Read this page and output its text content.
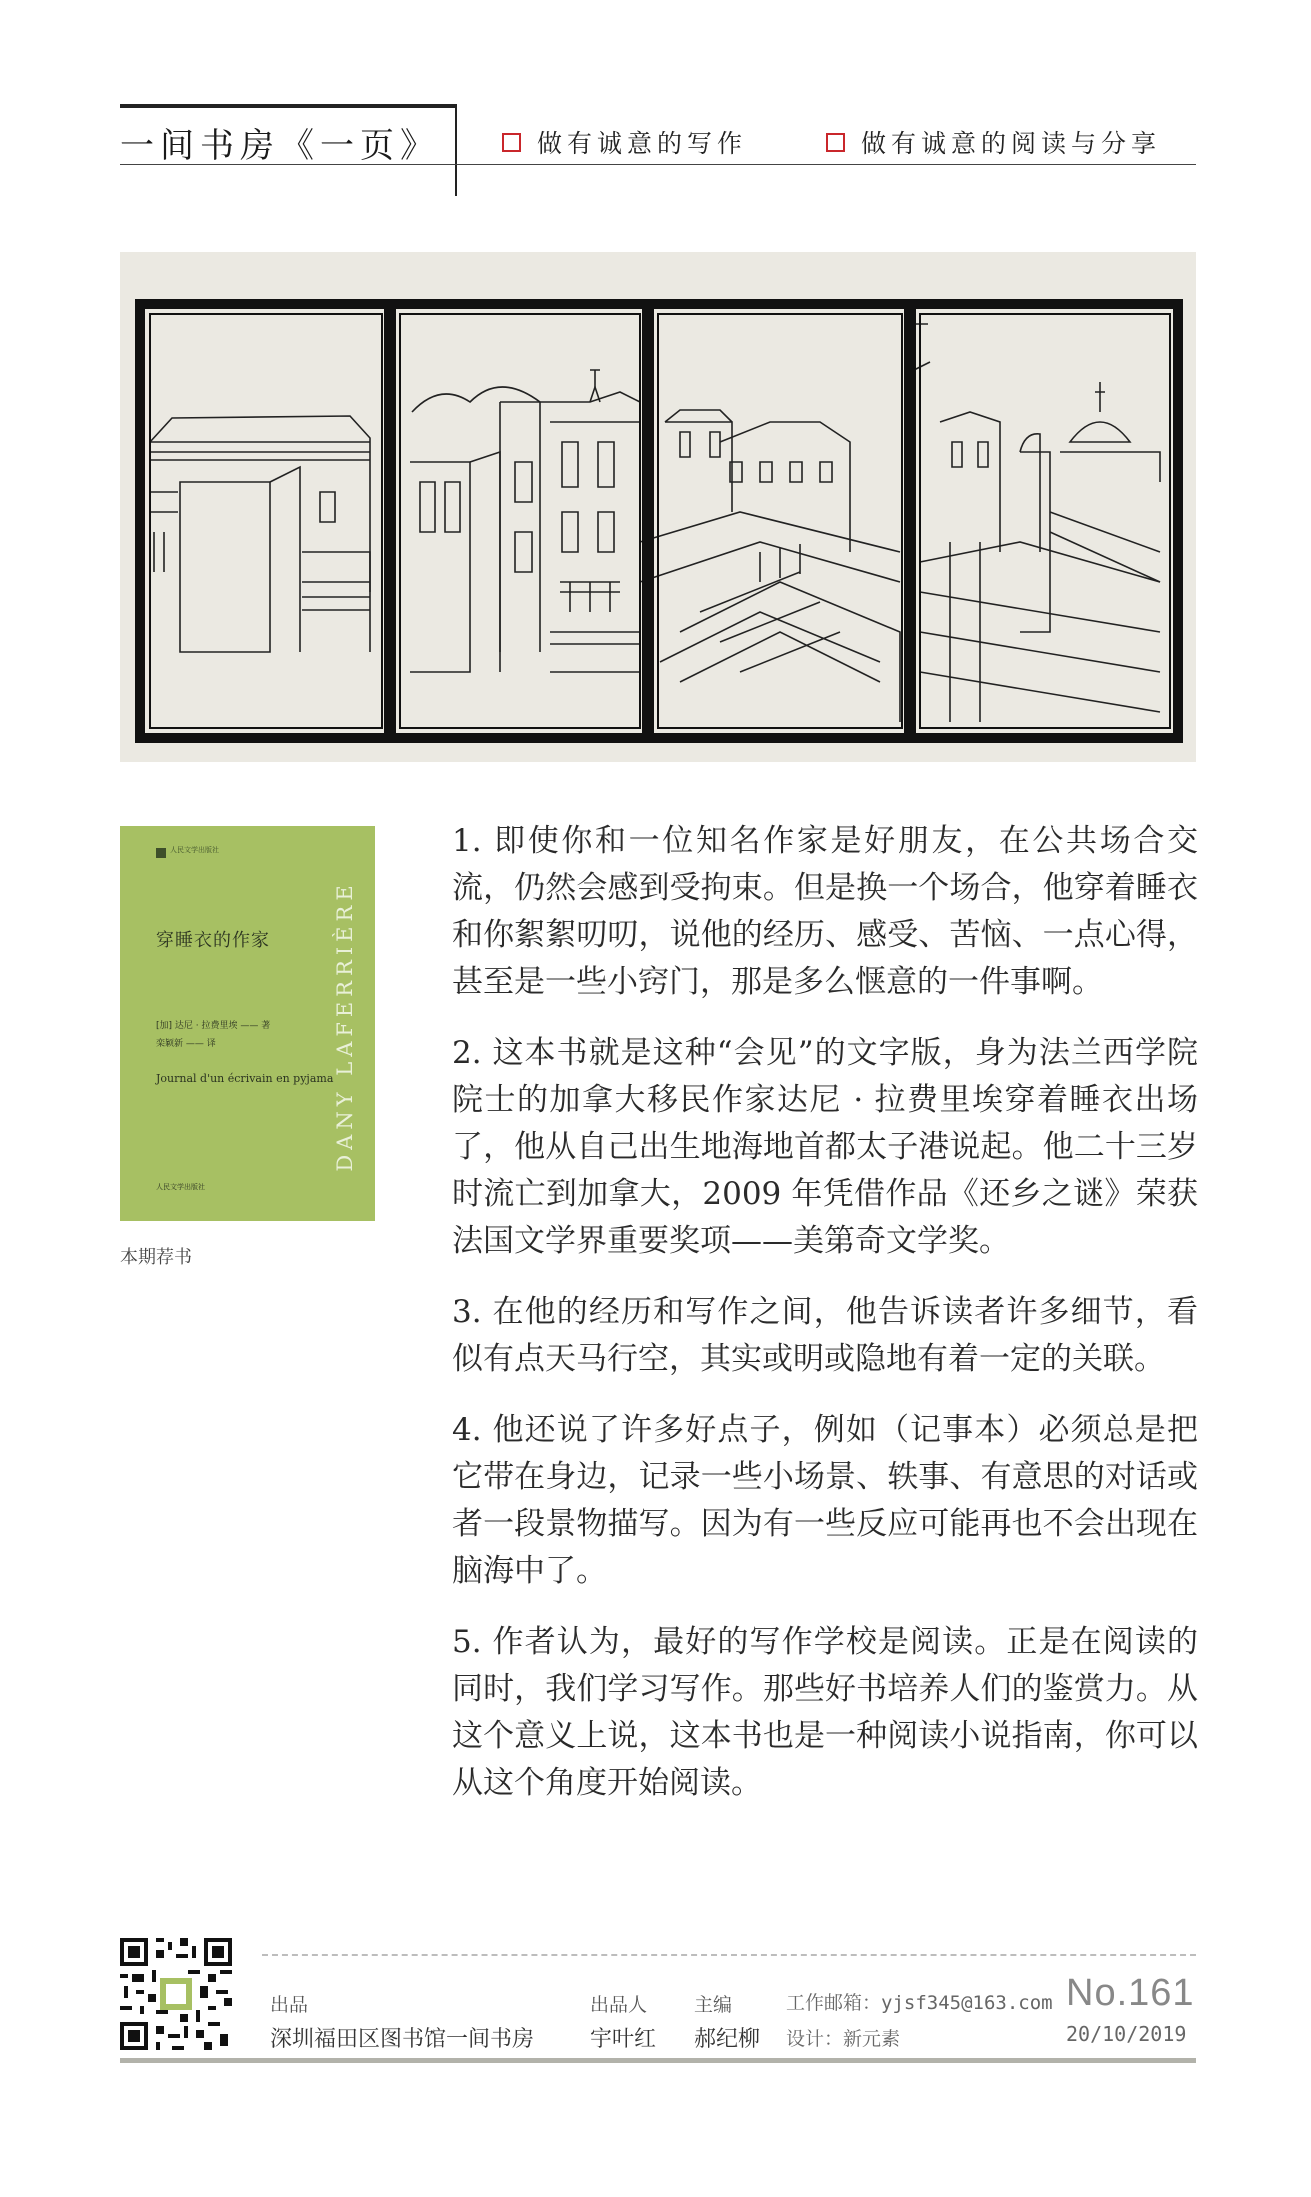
一间书房《一页》	做有诚意的写作	做有诚意的阅读与分享
人民文学出版社
穿睡衣的作家
[加] 达尼 · 拉费里埃 —— 著
栾颖新 —— 译
Journal d'un écrivain en pyjama
人民文学出版社
DANY LAFERRIÈRE
本期荐书

1. 即使你和一位知名作家是好朋友，在公共场合交流，仍然会感到受拘束。但是换一个场合，他穿着睡衣和你絮絮叨叨，说他的经历、感受、苦恼、一点心得，甚至是一些小窍门，那是多么惬意的一件事啊。

2. 这本书就是这种“会见”的文字版，身为法兰西学院院士的加拿大移民作家达尼 · 拉费里埃穿着睡衣出场了，他从自己出生地海地首都太子港说起。他二十三岁时流亡到加拿大，2009 年凭借作品《还乡之谜》荣获法国文学界重要奖项——美第奇文学奖。

3. 在他的经历和写作之间，他告诉读者许多细节，看似有点天马行空，其实或明或隐地有着一定的关联。

4. 他还说了许多好点子，例如（记事本）必须总是把它带在身边，记录一些小场景、轶事、有意思的对话或者一段景物描写。因为有一些反应可能再也不会出现在脑海中了。

5. 作者认为，最好的写作学校是阅读。正是在阅读的同时，我们学习写作。那些好书培养人们的鉴赏力。从这个意义上说，这本书也是一种阅读小说指南，你可以从这个角度开始阅读。

出品
深圳福田区图书馆一间书房
出品人
宇叶红
主编
郝纪柳
工作邮箱：yjsf345@163.com
设计：新元素
No.161
20/10/2019
